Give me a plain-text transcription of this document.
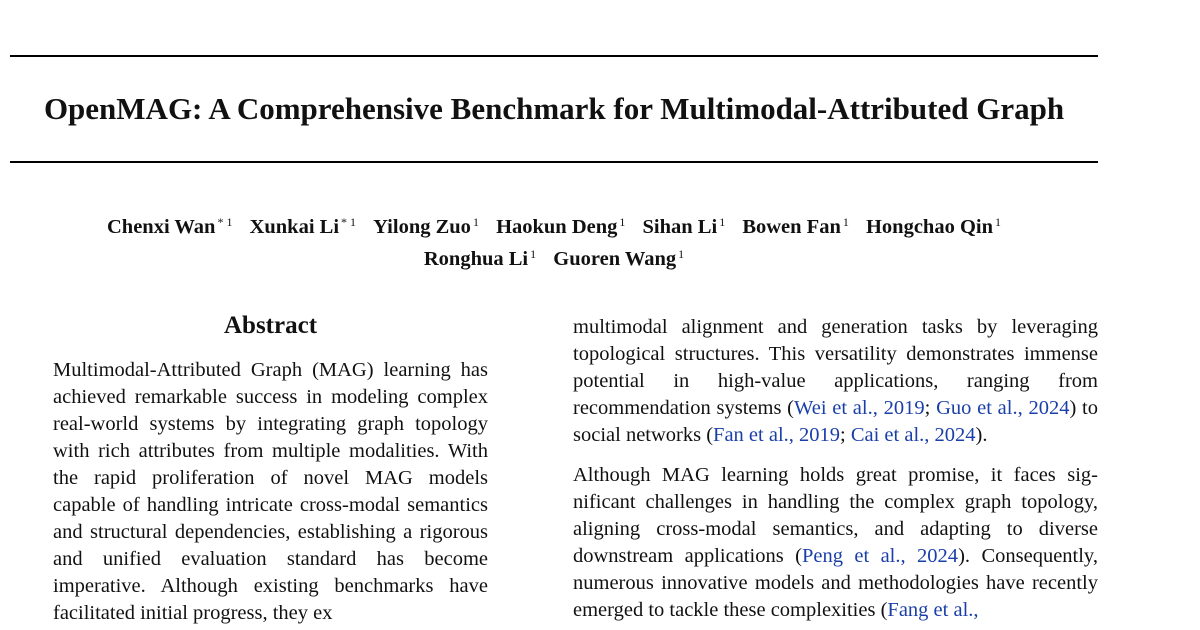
OpenMAG: A Comprehensive Benchmark for Multimodal-Attributed Graph
Chenxi Wan $^{* 1}$ Xunkai Li $^{* 1}$ Yilong Zuo $^1$ Haokun Deng $^1$ Sihan Li $^1$ Bowen Fan $^1$ Hongchao Qin $^1$
Ronghua Li $^1$ Guoren Wang $^1$
Abstract

Multimodal-Attributed Graph (MAG) learning has achieved remarkable success in modeling complex real-world systems by integrating graph topology with rich attributes from multiple modalities. With the rapid proliferation of novel MAG models capable of handling intricate cross-modal semantics and structural dependencies, establishing a rigorous and unified evaluation standard has become imperative. Although existing benchmarks have facilitated initial progress, they ex

multimodal alignment and generation tasks by leveraging topological structures. This versatility demonstrates immense potential in high-value applications, ranging from recommendation systems (Wei et al., 2019; Guo et al., 2024) to social networks (Fan et al., 2019; Cai et al., 2024).

Although MAG learning holds great promise, it faces significant challenges in handling the complex graph topology, aligning cross-modal semantics, and adapting to diverse downstream applications (Peng et al., 2024). Consequently, numerous innovative models and methodologies have recently emerged to tackle these complexities (Fang et al.,
